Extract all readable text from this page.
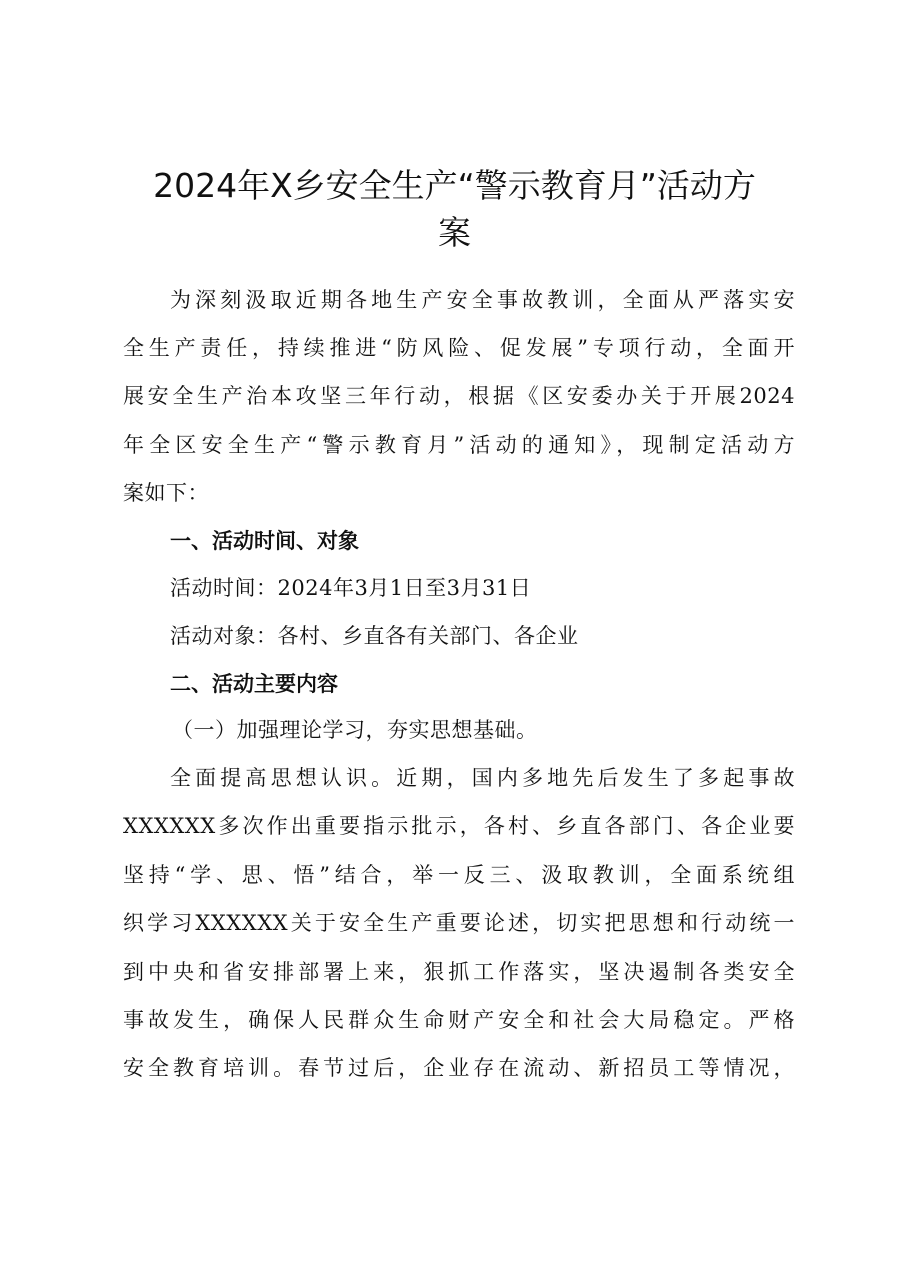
2024年X乡安全生产“警示教育月”活动方
案
为深刻汲取近期各地生产安全事故教训，全面从严落实安
全生产责任，持续推进“防风险、促发展”专项行动，全面开
展安全生产治本攻坚三年行动，根据《区安委办关于开展2024
年全区安全生产“警示教育月”活动的通知》，现制定活动方
案如下：
一、活动时间、对象
活动时间：2024年3月1日至3月31日
活动对象：各村、乡直各有关部门、各企业
二、活动主要内容
（一）加强理论学习，夯实思想基础。
全面提高思想认识。近期，国内多地先后发生了多起事故
XXXXXX多次作出重要指示批示，各村、乡直各部门、各企业要
坚持“学、思、悟”结合，举一反三、汲取教训，全面系统组
织学习XXXXXX关于安全生产重要论述，切实把思想和行动统一
到中央和省安排部署上来，狠抓工作落实，坚决遏制各类安全
事故发生，确保人民群众生命财产安全和社会大局稳定。严格
安全教育培训。春节过后，企业存在流动、新招员工等情况，
